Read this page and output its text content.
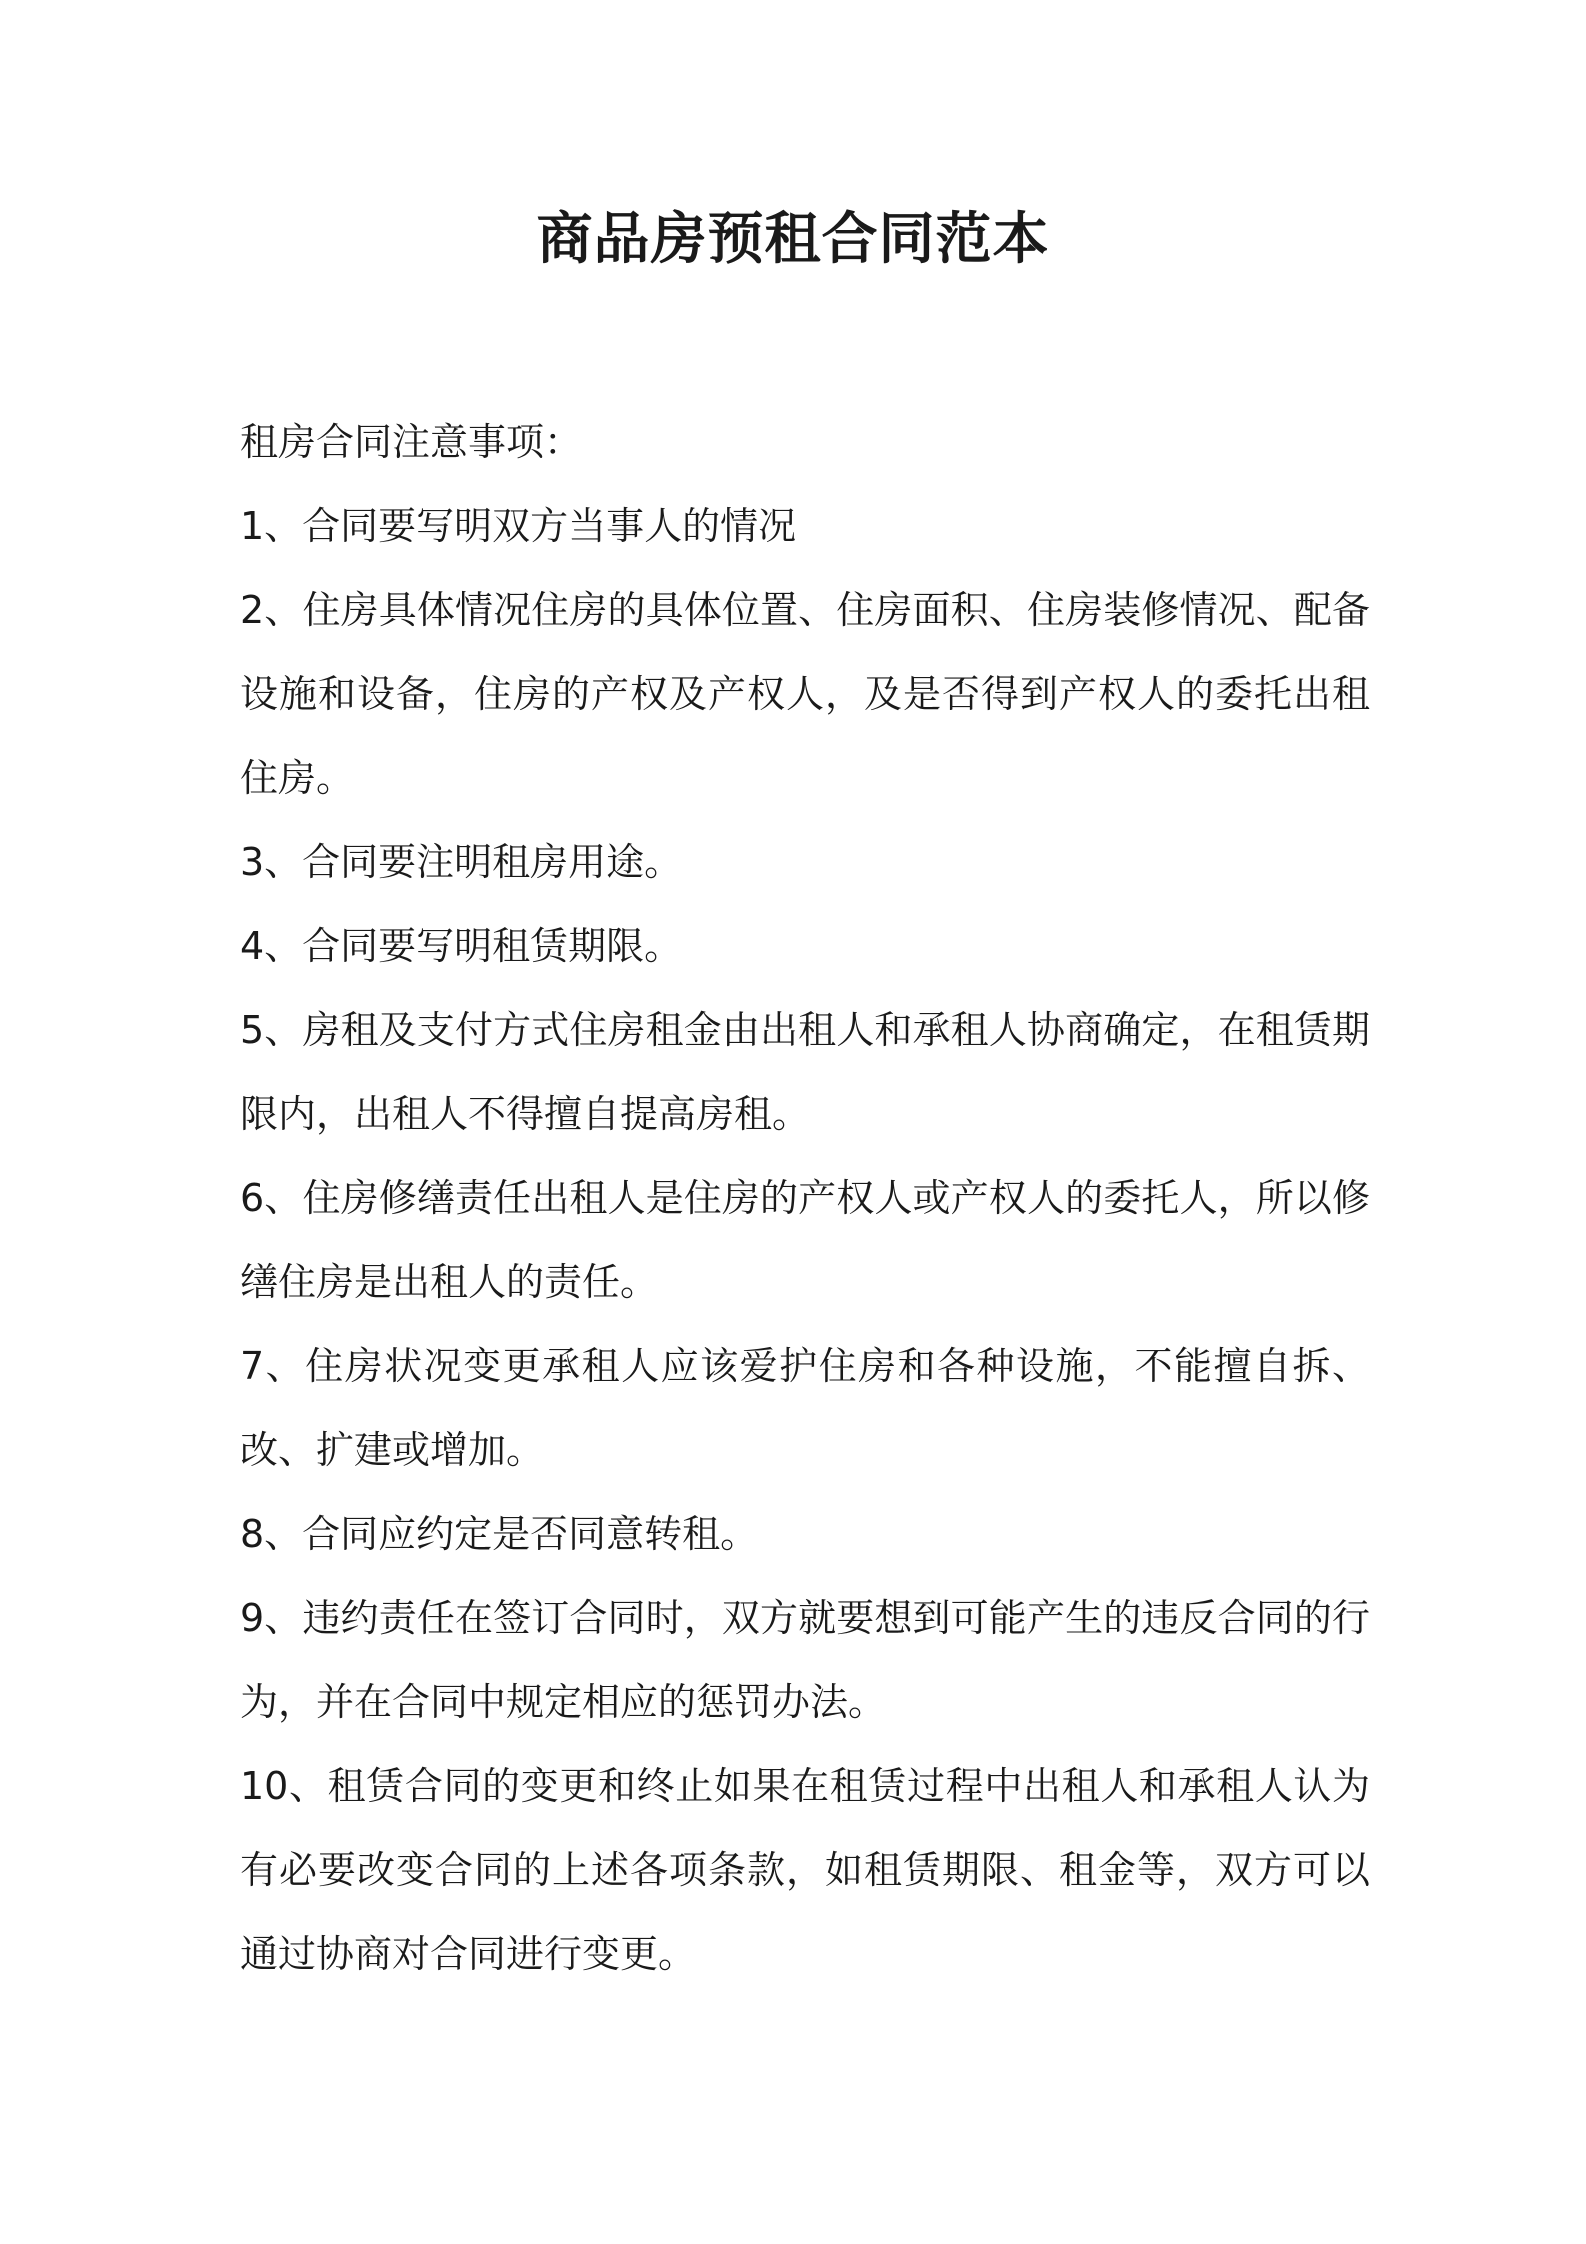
商品房预租合同范本

租房合同注意事项：

1、合同要写明双方当事人的情况

2、住房具体情况住房的具体位置、住房面积、住房装修情况、配备设施和设备，住房的产权及产权人，及是否得到产权人的委托出租住房。

3、合同要注明租房用途。

4、合同要写明租赁期限。

5、房租及支付方式住房租金由出租人和承租人协商确定，在租赁期限内，出租人不得擅自提高房租。

6、住房修缮责任出租人是住房的产权人或产权人的委托人，所以修缮住房是出租人的责任。

7、住房状况变更承租人应该爱护住房和各种设施，不能擅自拆、改、扩建或增加。

8、合同应约定是否同意转租。

9、违约责任在签订合同时，双方就要想到可能产生的违反合同的行为，并在合同中规定相应的惩罚办法。

10、租赁合同的变更和终止如果在租赁过程中出租人和承租人认为有必要改变合同的上述各项条款，如租赁期限、租金等，双方可以通过协商对合同进行变更。
